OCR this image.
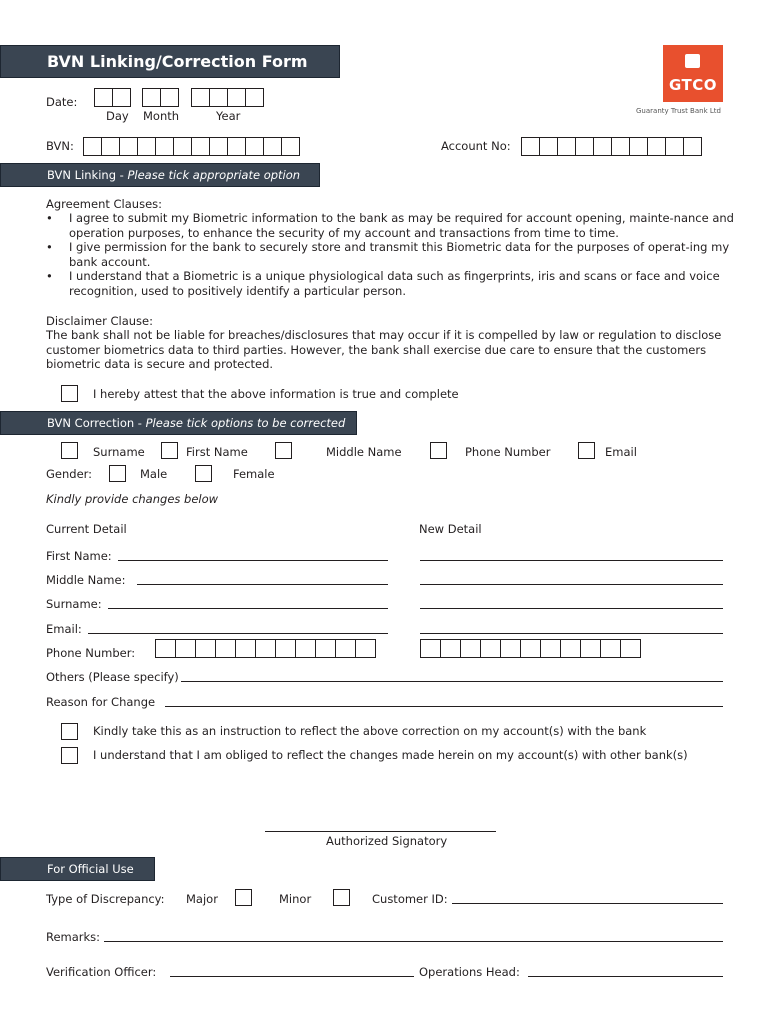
BVN Linking/Correction Form
GTCO
Guaranty Trust Bank Ltd
Date:
Day Month	Year
BVN:	Account No:
BVN Linking - Please tick appropriate option
Agreement Clauses:
• I agree to submit my Biometric information to the bank as may be required for account opening, mainte-nance and operation purposes, to enhance the security of my account and transactions from time to time.
• I give permission for the bank to securely store and transmit this Biometric data for the purposes of operat-ing my bank account.
• I understand that a Biometric is a unique physiological data such as fingerprints, iris and scans or face and voice recognition, used to positively identify a particular person.
Disclaimer Clause:
The bank shall not be liable for breaches/disclosures that may occur if it is compelled by law or regulation to disclose customer biometrics data to third parties. However, the bank shall exercise due care to ensure that the customers biometric data is secure and protected.
I hereby attest that the above information is true and complete
BVN Correction - Please tick options to be corrected
Surname	First Name	Middle Name	Phone Number	Email
Gender:	Male	Female
Kindly provide changes below
Current Detail	New Detail
First Name:
Middle Name:
Surname:
Email:
Phone Number:
Others (Please specify)
Reason for Change
Kindly take this as an instruction to reflect the above correction on my account(s) with the bank
I understand that I am obliged to reflect the changes made herein on my account(s) with other bank(s)
Authorized Signatory
For Official Use
Type of Discrepancy: Major	Minor	Customer ID:
Remarks:
Verification Officer:	Operations Head:
